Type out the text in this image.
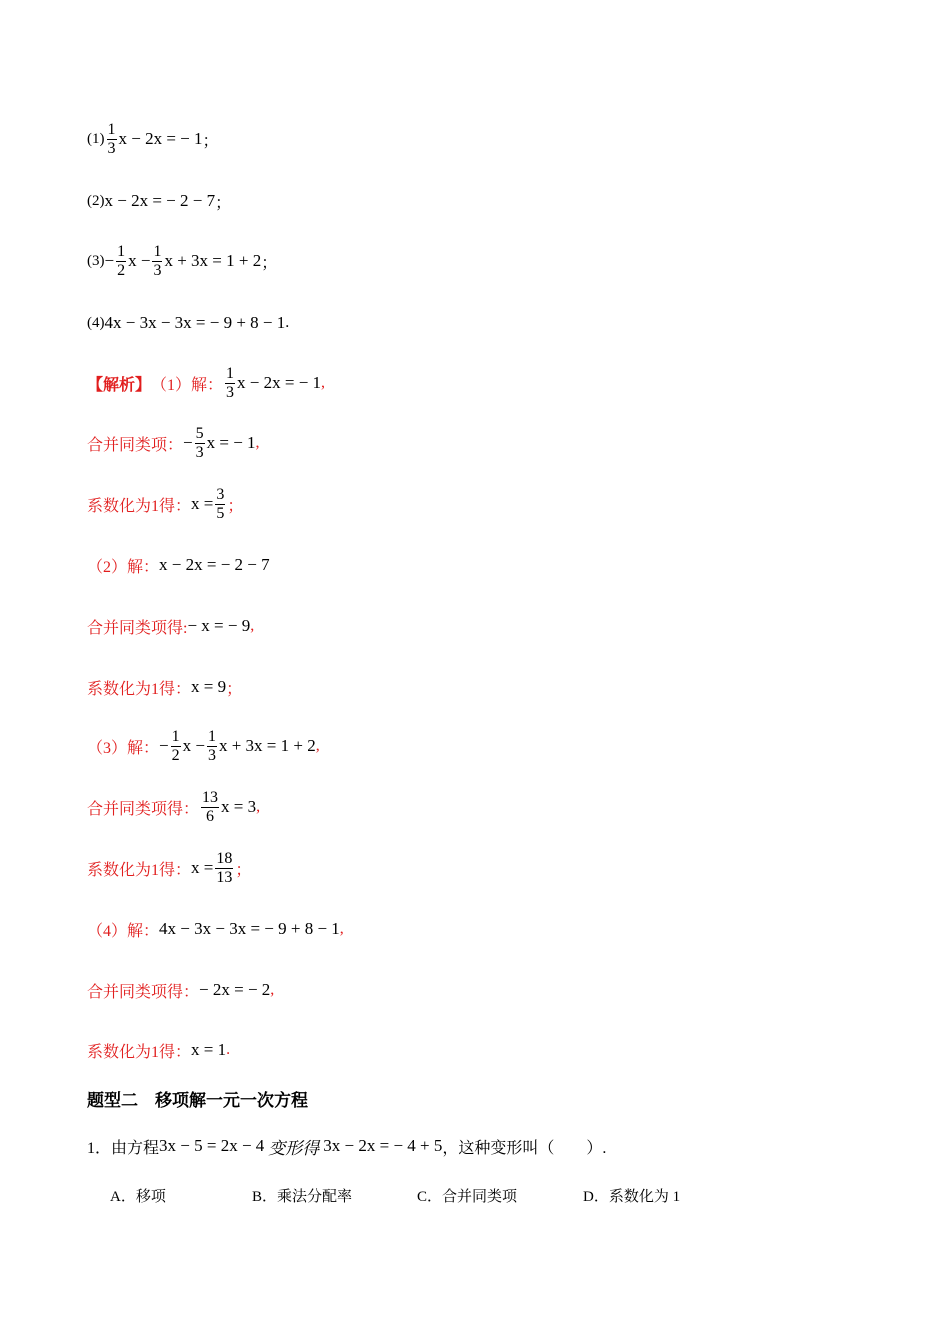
$(1) \frac{1}{3}$ x − 2x = − 1 ；
(2) x − 2x = − 2 − 7 ；
$(3) - \frac{1}{2}$ $x - \frac{1}{3}$ x + 3x = 1 + 2 ；
(4) 4x − 3x − 3x = − 9 + 8 − 1 .
【解析】 （1）解： $\frac{1}{3}$ x − 2x = − 1 ,
合并同类项： − $\frac{5}{3}$ x = − 1 ,
系数化为1得： $x = \frac{3}{5}$ ；
（2）解： x − 2x = − 2 − 7
合并同类项得: − x = − 9 ,
系数化为1得： x = 9 ；
（3）解： − $\frac{1}{2}$ $x - \frac{1}{3}$ x + 3x = 1 + 2 ,
合并同类项得： $\frac{13}{6}$ x = 3 ,
系数化为1得： $x = \frac{18}{13}$ ；
（4）解： 4x − 3x − 3x = − 9 + 8 − 1 ,
合并同类项得： − 2x = − 2 ,
系数化为1得： x = 1 .
题型二　移项解一元一次方程
1．由方程 3x − 5 = 2x − 4 变形得 3x − 2x = − 4 + 5 ，这种变形叫（　　）.
A．移项	B．乘法分配率	C．合并同类项	D．系数化为 1
